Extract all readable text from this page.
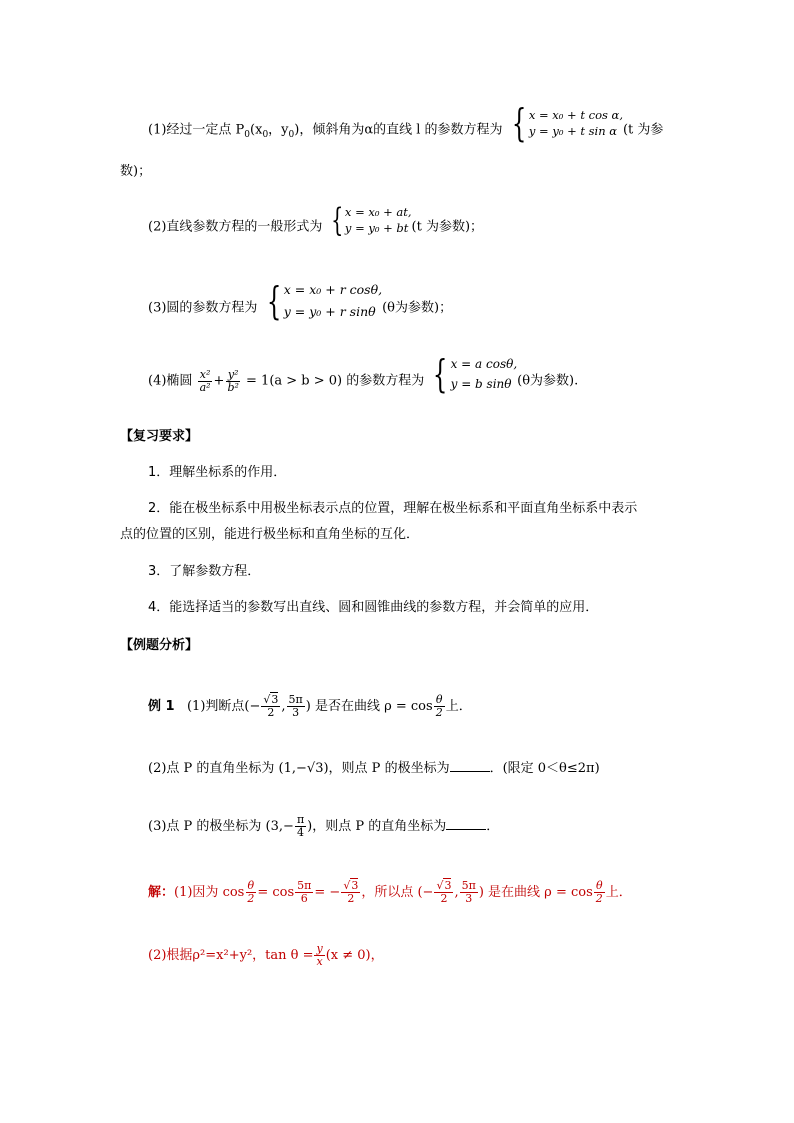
(1)经过一定点 $P_0(x_0$，$y_0$)，倾斜角为α的直线 l 的参数方程为 { x = x₀ + t cos α,
y = y₀ + t sin α (t 为参
数)；
(2)直线参数方程的一般形式为 { x = x₀ + at,
y = y₀ + bt (t 为参数)；
(3)圆的参数方程为 { x = x₀ + r cosθ,
y = y₀ + r sinθ (θ为参数)；
(4)椭圆 $\frac{\text{x²}}{\text{a²}} + \frac{\text{y²}}{\text{b²}} = 1(a > b > 0)$ 的参数方程为 { x = a cosθ,
y = b sinθ (θ为参数).
【复习要求】
1．理解坐标系的作用．
2．能在极坐标系中用极坐标表示点的位置，理解在极坐标系和平面直角坐标系中表示
点的位置的区别，能进行极坐标和直角坐标的互化．
3．了解参数方程．
4．能选择适当的参数写出直线、圆和圆锥曲线的参数方程，并会简单的应用．
【例题分析】
例 1 (1)判断点(− $\frac{√3}{2}$ , $\frac{5\pi}{3}$ ) 是否在曲线 $\rho = \cos \frac{\theta}{2}$ 上．
(2)点 P 的直角坐标为 (1,−√3)，则点 P 的极坐标为	．(限定 0＜θ≤2π)
(3)点 P 的极坐标为 ($3,- \frac{\pi}{4}$ )，则点 P 的直角坐标为	．
解：(1)因为 $\cos \frac{\theta}{2} = \cos \frac{5\pi}{6}$ = − $\frac{√3}{2}$ ，所以点 (− $\frac{√3}{2}$ , $\frac{5\pi}{3}$ ) 是在曲线 $\rho = \cos \frac{\theta}{2}$ 上．
(2)根据ρ²=x²+y²，$\tan \theta = \frac{y}{x} (x \ne 0)$，
